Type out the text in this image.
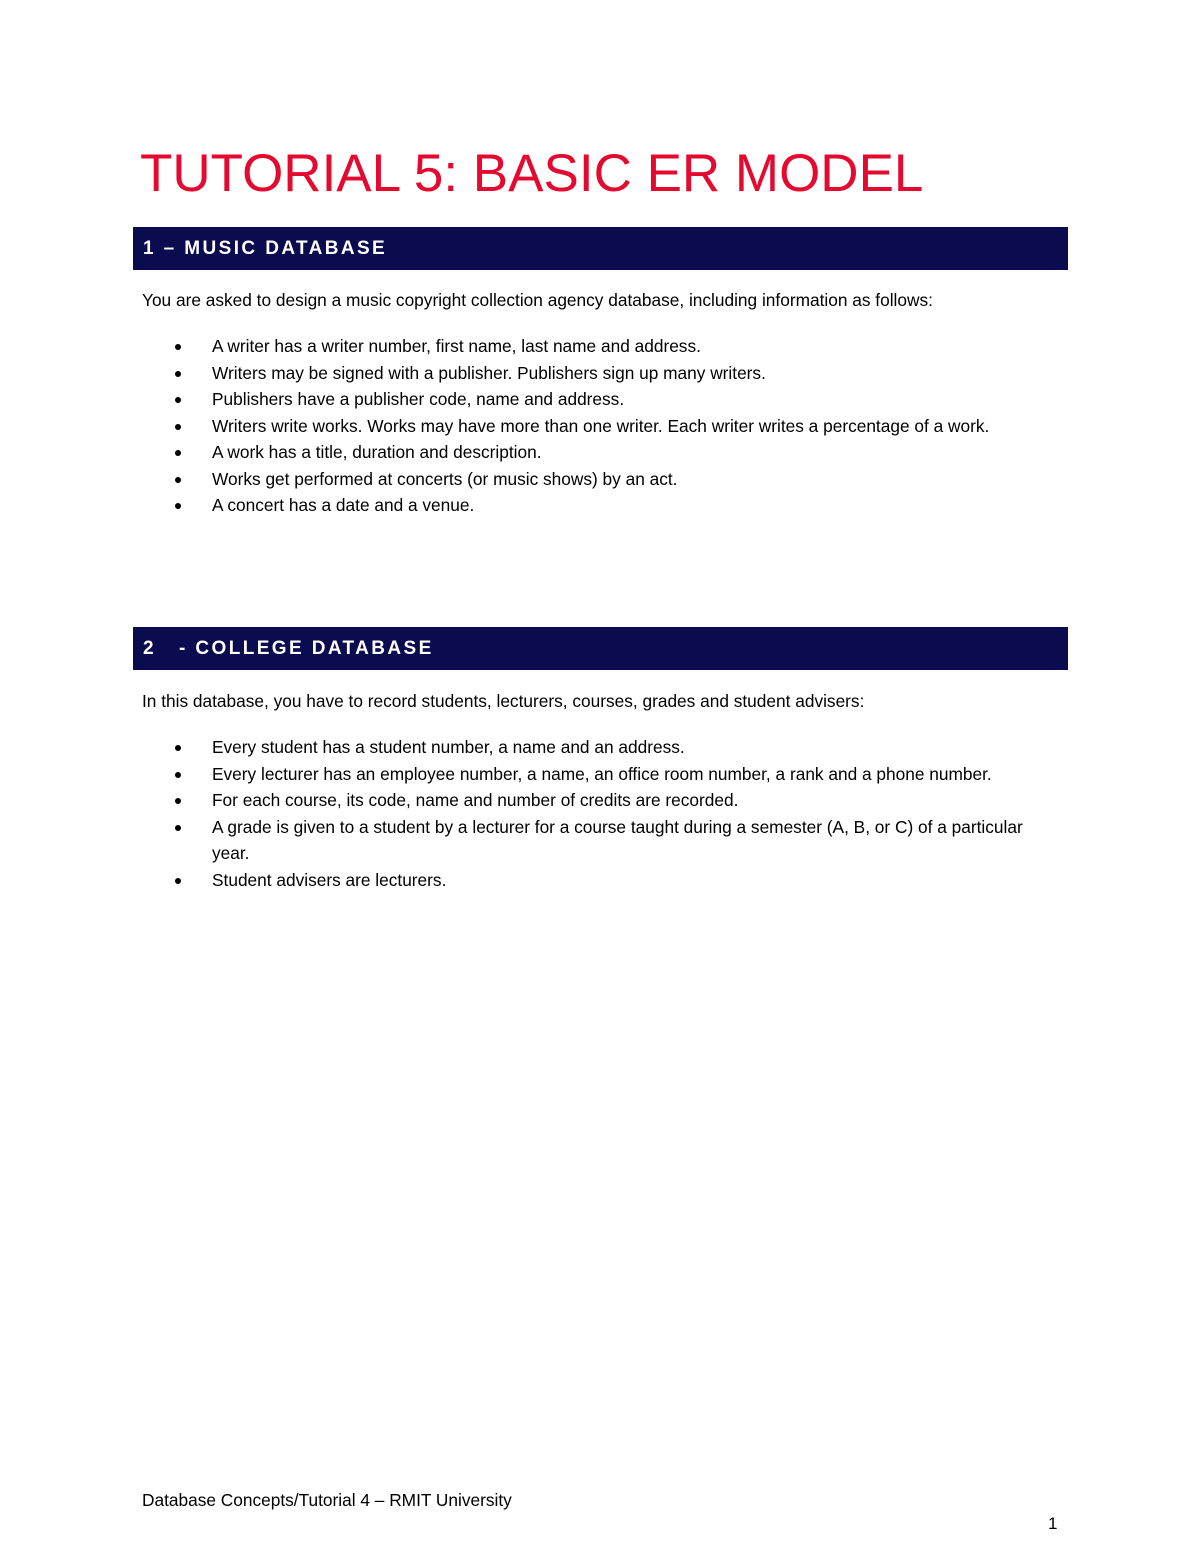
TUTORIAL 5: BASIC ER MODEL
1 – MUSIC DATABASE

You are asked to design a music copyright collection agency database, including information as follows:

A writer has a writer number, first name, last name and address.
Writers may be signed with a publisher. Publishers sign up many writers.
Publishers have a publisher code, name and address.
Writers write works. Works may have more than one writer. Each writer writes a percentage of a work.
A work has a title, duration and description.
Works get performed at concerts (or music shows) by an act.
A concert has a date and a venue.
2   - COLLEGE DATABASE

In this database, you have to record students, lecturers, courses, grades and student advisers:

Every student has a student number, a name and an address.
Every lecturer has an employee number, a name, an office room number, a rank and a phone number.
For each course, its code, name and number of credits are recorded.
A grade is given to a student by a lecturer for a course taught during a semester (A, B, or C) of a particular year.
Student advisers are lecturers.
Database Concepts/Tutorial 4 – RMIT University
1
